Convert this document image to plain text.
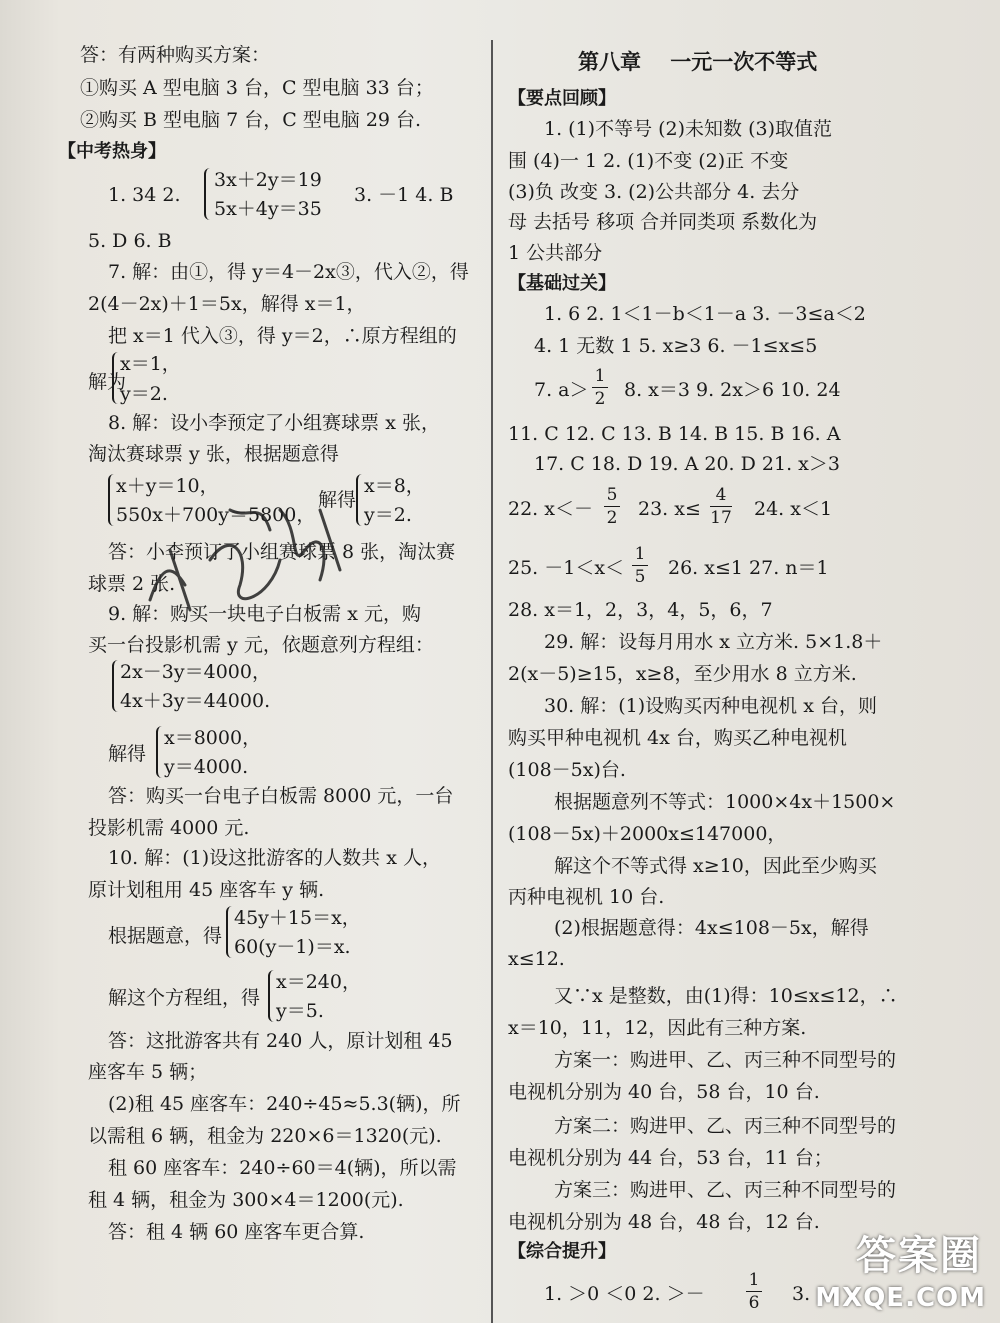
答：有两种购买方案：
①购买 A 型电脑 3 台，C 型电脑 33 台；
②购买 B 型电脑 7 台，C 型电脑 29 台.
【中考热身】
1. 34 2.
3x＋2y＝19
5x＋4y＝35
3. －1 4. B
5. D 6. B
7. 解：由①，得 y＝4－2x③，代入②，得
2(4－2x)＋1＝5x，解得 x＝1，
把 x＝1 代入③，得 y＝2，∴原方程组的
解为
x＝1，
y＝2.
8. 解：设小李预定了小组赛球票 x 张，
淘汰赛球票 y 张，根据题意得
x＋y＝10，
550x＋700y＝5800，
解得
x＝8，
y＝2.
答：小李预订了小组赛球票 8 张，淘汰赛
球票 2 张.
9. 解：购买一块电子白板需 x 元，购
买一台投影机需 y 元，依题意列方程组：
2x－3y＝4000，
4x＋3y＝44000.
解得
x＝8000，
y＝4000.
答：购买一台电子白板需 8000 元，一台
投影机需 4000 元.
10. 解：(1)设这批游客的人数共 x 人，
原计划租用 45 座客车 y 辆.
根据题意，得
45y＋15＝x，
60(y－1)＝x.
解这个方程组，得
x＝240，
y＝5.
答：这批游客共有 240 人，原计划租 45
座客车 5 辆；
(2)租 45 座客车：240÷45≈5.3(辆)，所
以需租 6 辆，租金为 220×6＝1320(元).
租 60 座客车：240÷60＝4(辆)，所以需
租 4 辆，租金为 300×4＝1200(元).
答：租 4 辆 60 座客车更合算.
第八章    一元一次不等式
【要点回顾】
1. (1)不等号 (2)未知数 (3)取值范
围 (4)一 1 2. (1)不变 (2)正 不变
(3)负 改变 3. (2)公共部分 4. 去分
母 去括号 移项 合并同类项 系数化为
1 公共部分
【基础过关】
1. 6 2. 1＜1－b＜1－a 3. －3≤a＜2
4. 1 无数 1 5. x≥3 6. －1≤x≤5
7. a＞
1
2 8. x＝3 9. 2x＞6 10. 24
11. C 12. C 13. B 14. B 15. B 16. A
17. C 18. D 19. A 20. D 21. x＞3
22. x＜－
5
2 23. x≤
4
17 24. x＜1
25. －1＜x＜
1
5 26. x≤1 27. n＝1
28. x＝1，2，3，4，5，6，7
29. 解：设每月用水 x 立方米. 5×1.8＋
2(x－5)≥15，x≥8，至少用水 8 立方米.
30. 解：(1)设购买丙种电视机 x 台，则
购买甲种电视机 4x 台，购买乙种电视机
(108－5x)台.
根据题意列不等式：1000×4x＋1500×
(108－5x)＋2000x≤147000，
解这个不等式得 x≥10，因此至少购买
丙种电视机 10 台.
(2)根据题意得：4x≤108－5x，解得
x≤12.
又∵x 是整数，由(1)得：10≤x≤12，∴
x＝10，11，12，因此有三种方案.
方案一：购进甲、乙、丙三种不同型号的
电视机分别为 40 台，58 台，10 台.
方案二：购进甲、乙、丙三种不同型号的
电视机分别为 44 台，53 台，11 台；
方案三：购进甲、乙、丙三种不同型号的
电视机分别为 48 台，48 台，12 台.
【综合提升】
1. ＞0 ＜0 2. ＞－
1
6 3.
答案圈
MXQE.COM
